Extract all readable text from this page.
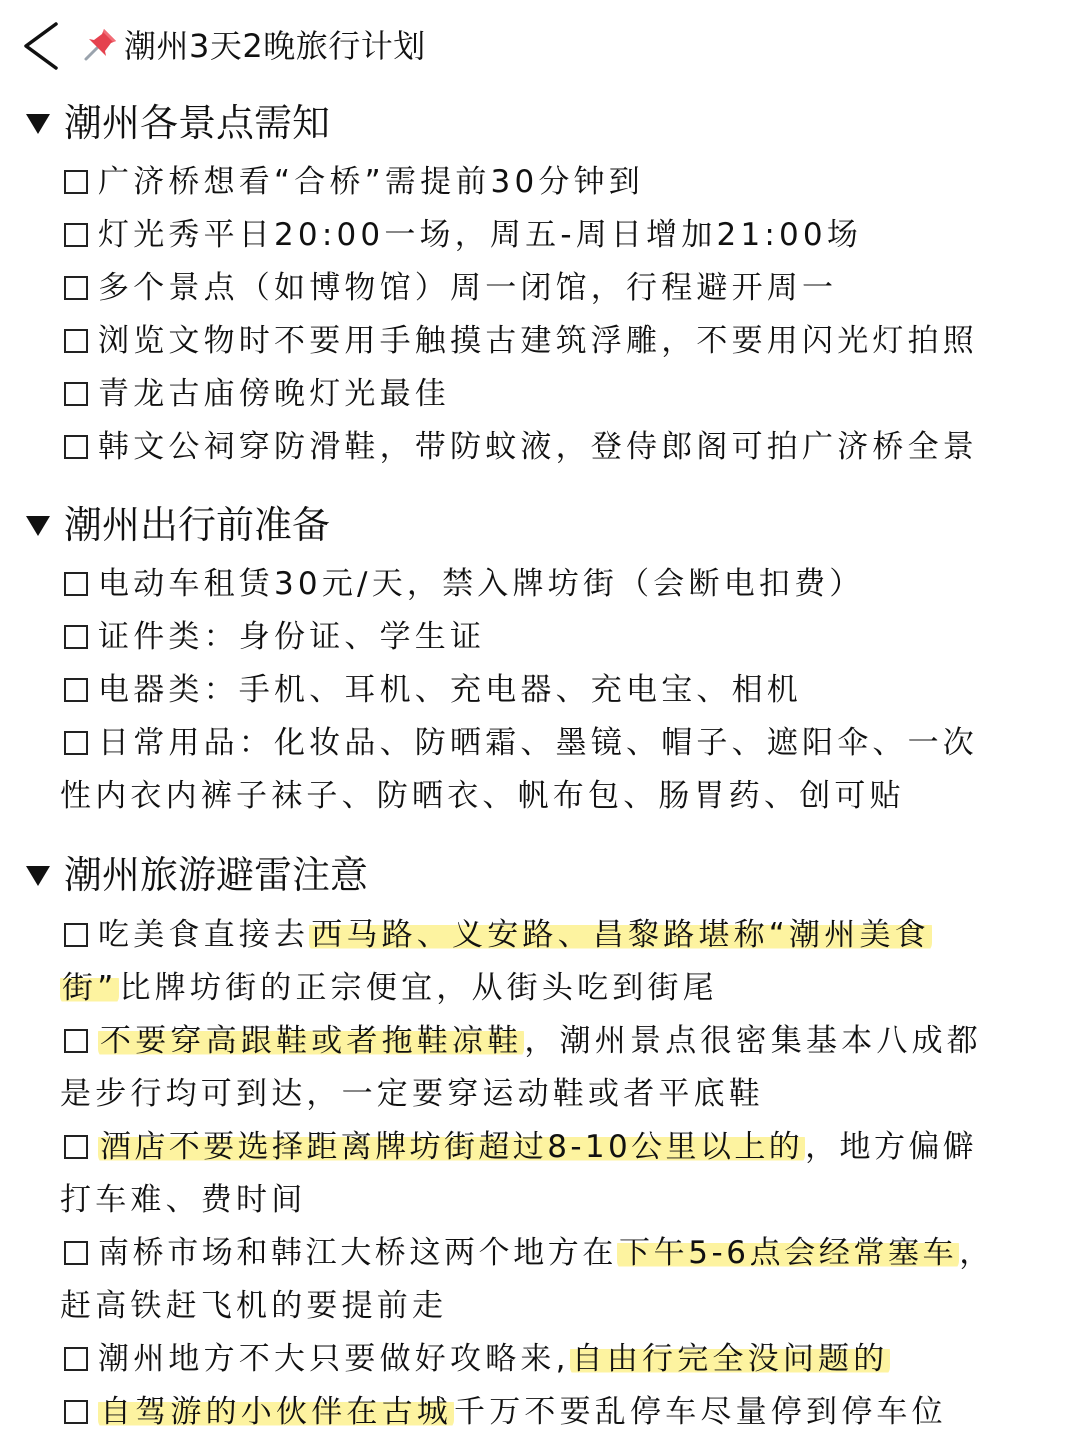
潮州3天2晚旅行计划
潮州各景点需知
广济桥想看“合桥”需提前30分钟到
灯光秀平日20:00一场，周五-周日增加21:00场
多个景点（如博物馆）周一闭馆，行程避开周一
浏览文物时不要用手触摸古建筑浮雕，不要用闪光灯拍照
青龙古庙傍晚灯光最佳
韩文公祠穿防滑鞋，带防蚊液，登侍郎阁可拍广济桥全景
潮州出行前准备
电动车租赁30元/天，禁入牌坊街（会断电扣费）
证件类：身份证、学生证
电器类：手机、耳机、充电器、充电宝、相机
日常用品：化妆品、防晒霜、墨镜、帽子、遮阳伞、一次
性内衣内裤子袜子、防晒衣、帆布包、肠胃药、创可贴
潮州旅游避雷注意
吃美食直接去西马路、义安路、昌黎路堪称“潮州美食
街”比牌坊街的正宗便宜，从街头吃到街尾
不要穿高跟鞋或者拖鞋凉鞋，潮州景点很密集基本八成都
是步行均可到达，一定要穿运动鞋或者平底鞋
酒店不要选择距离牌坊街超过8-10公里以上的，地方偏僻
打车难、费时间
南桥市场和韩江大桥这两个地方在下午5-6点会经常塞车，
赶高铁赶飞机的要提前走
潮州地方不大只要做好攻略来,自由行完全没问题的
自驾游的小伙伴在古城千万不要乱停车尽量停到停车位
